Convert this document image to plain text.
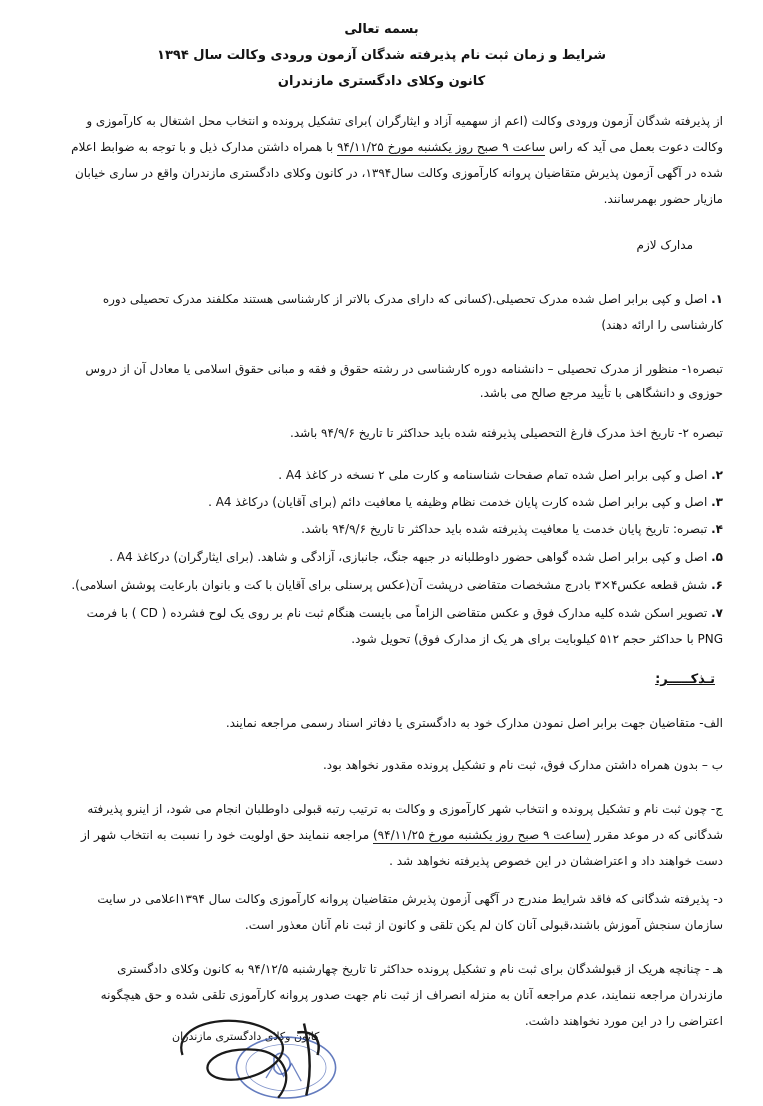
بسمه تعالی
شرایط و زمان ثبت نام پذیرفته شدگان آزمون ورودی وکالت سال ۱۳۹۴
کانون وکلای دادگستری مازندران
از پذیرفته شدگان آزمون ورودی وکالت (اعم از سهمیه آزاد و ایثارگران )برای تشکیل پرونده و انتخاب محل اشتغال به کارآموزی و
وکالت دعوت بعمل می آید که راس ساعت ۹ صبح روز یکشنبه مورخ ۹۴/۱۱/۲۵ با همراه داشتن مدارک ذیل و با توجه به ضوابط اعلام
شده در آگهی آزمون پذیرش متقاضیان پروانه کارآموزی وکالت سال۱۳۹۴، در کانون وکلای دادگستری مازندران واقع در ساری خیابان
مازیار حضور بهمرسانند.
مدارک لازم
۱. اصل و کپی برابر اصل شده مدرک تحصیلی.(کسانی که دارای مدرک بالاتر از کارشناسی هستند مکلفند مدرک تحصیلی دوره
کارشناسی را ارائه دهند)
تبصره۱- منظور از مدرک تحصیلی – دانشنامه دوره کارشناسی در رشته حقوق و فقه و مبانی حقوق اسلامی یا معادل آن از دروس
حوزوی و دانشگاهی با تأیید مرجع صالح می باشد.
تبصره ۲- تاریخ اخذ مدرک فارغ التحصیلی پذیرفته شده باید حداکثر تا تاریخ ۹۴/۹/۶ باشد.
۲. اصل و کپی برابر اصل شده تمام صفحات شناسنامه و کارت ملی ۲ نسخه در کاغذ A4 .
۳. اصل و کپی برابر اصل شده کارت پایان خدمت نظام وظیفه یا معافیت دائم (برای آقایان) درکاغذ A4 .
۴. تبصره: تاریخ پایان خدمت یا معافیت پذیرفته شده باید حداکثر تا تاریخ ۹۴/۹/۶ باشد.
۵. اصل و کپی برابر اصل شده گواهی حضور داوطلبانه در جبهه جنگ، جانبازی، آزادگی و شاهد. (برای ایثارگران) درکاغذ A4 .
۶. شش قطعه عکس۴×۳ بادرج مشخصات متقاضی درپشت آن(عکس پرسنلی برای آقایان با کت و بانوان بارعایت پوشش اسلامی).
۷. تصویر اسکن شده کلیه مدارک فوق و عکس متقاضی الزاماً می بایست هنگام ثبت نام بر روی یک لوح فشرده ( CD ) با فرمت
PNG با حداکثر حجم ۵۱۲ کیلوبایت برای هر یک از مدارک فوق) تحویل شود.
تـذکـــــر:
الف- متقاضیان جهت برابر اصل نمودن مدارک خود به دادگستری یا دفاتر اسناد رسمی مراجعه نمایند.
ب – بدون همراه داشتن مدارک فوق، ثبت نام و تشکیل پرونده مقدور نخواهد بود.
ج- چون ثبت نام و تشکیل پرونده و انتخاب شهر کارآموزی و وکالت به ترتیب رتبه قبولی داوطلبان انجام می شود، از اینرو پذیرفته
شدگانی که در موعد مقرر (ساعت ۹ صبح روز یکشنبه مورخ ۹۴/۱۱/۲۵) مراجعه ننمایند حق اولویت خود را نسبت به انتخاب شهر از
دست خواهند داد و اعتراضشان در این خصوص پذیرفته نخواهد شد .
د- پذیرفته شدگانی که فاقد شرایط مندرج در آگهی آزمون پذیرش متقاضیان پروانه کارآموزی وکالت سال ۱۳۹۴اعلامی در سایت
سازمان سنجش آموزش باشند،قبولی آنان کان لم یکن تلقی و کانون از ثبت نام آنان معذور است.
هـ - چنانچه هریک از قبولشدگان برای ثبت نام و تشکیل پرونده حداکثر تا تاریخ چهارشنبه ۹۴/۱۲/۵ به کانون وکلای دادگستری
مازندران مراجعه ننمایند، عدم مراجعه آنان به منزله انصراف از ثبت نام جهت صدور پروانه کارآموزی تلقی شده و حق هیچگونه
اعتراضی را در این مورد نخواهند داشت.
کانون وکلای دادگستری مازندران
